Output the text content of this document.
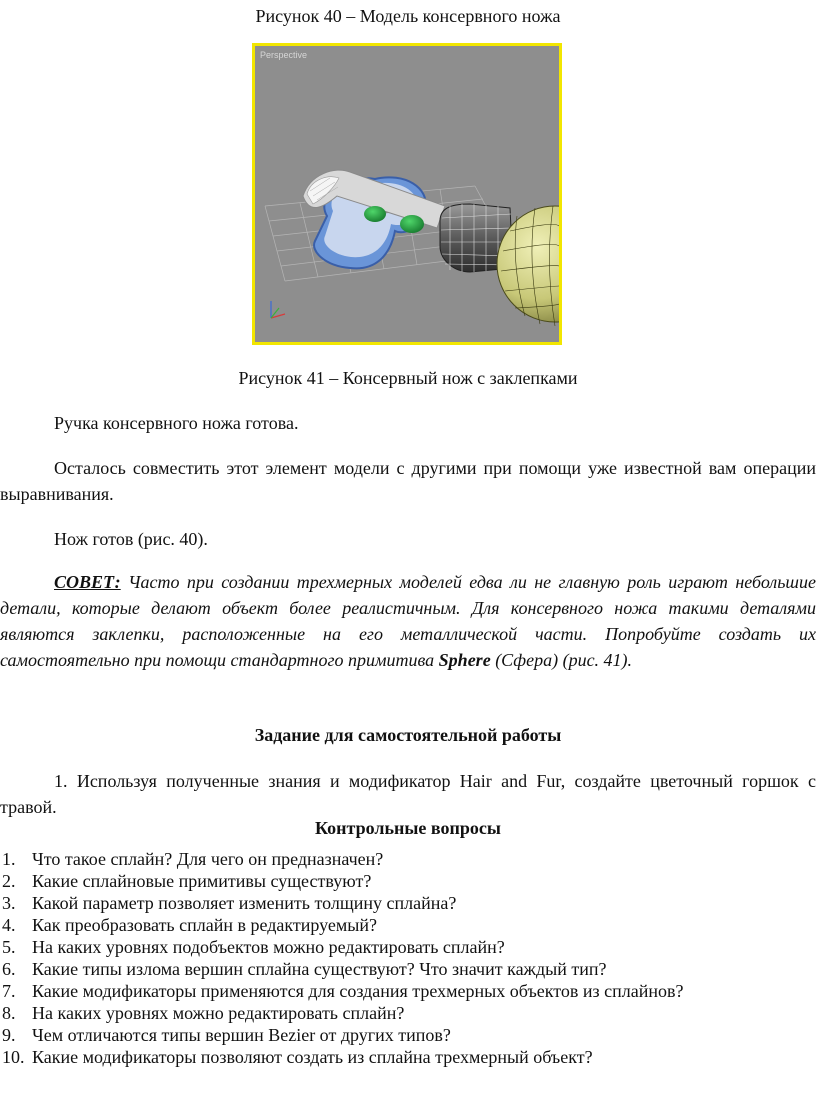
Рисунок 40 – Модель консервного ножа
Perspective
Рисунок 41 – Консервный нож с заклепками
Ручка консервного ножа готова.
Осталось совместить этот элемент модели с другими при помощи уже известной вам операции выравнивания.
Нож готов (рис. 40).
СОВЕТ: Часто при создании трехмерных моделей едва ли не главную роль играют небольшие детали, которые делают объект более реалистичным. Для консервного ножа такими деталями являются заклепки, расположенные на его металлической части. Попробуйте создать их самостоятельно при помощи стандартного примитива Sphere (Сфера) (рис. 41).
Задание для самостоятельной работы
1. Используя полученные знания и модификатор Hair and Fur, создайте цветочный горшок с травой.
Контрольные вопросы
1. Что такое сплайн? Для чего он предназначен?
2. Какие сплайновые примитивы существуют?
3. Какой параметр позволяет изменить толщину сплайна?
4. Как преобразовать сплайн в редактируемый?
5. На каких уровнях подобъектов можно редактировать сплайн?
6. Какие типы излома вершин сплайна существуют? Что значит каждый тип?
7. Какие модификаторы применяются для создания трехмерных объектов из сплайнов?
8. На каких уровнях можно редактировать сплайн?
9. Чем отличаются типы вершин Bezier от других типов?
10. Какие модификаторы позволяют создать из сплайна трехмерный объект?
